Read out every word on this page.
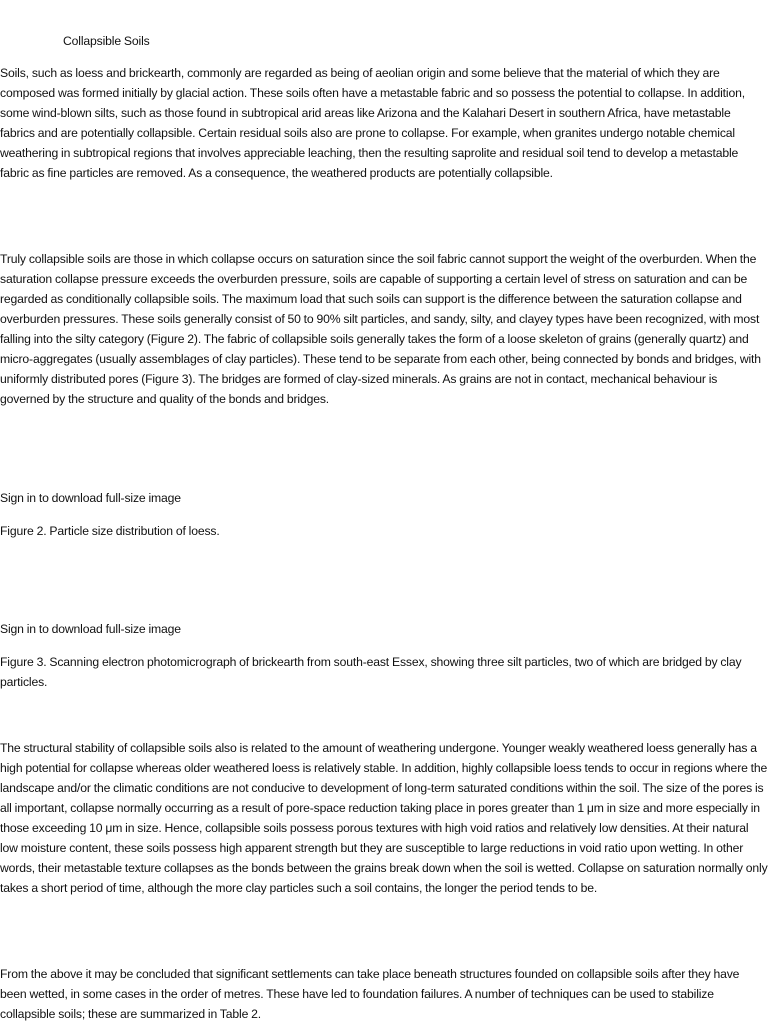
Collapsible Soils

Soils, such as loess and brickearth, commonly are regarded as being of aeolian origin and some believe that the material of which they are composed was formed initially by glacial action. These soils often have a metastable fabric and so possess the potential to collapse. In addition, some wind-blown silts, such as those found in subtropical arid areas like Arizona and the Kalahari Desert in southern Africa, have metastable fabrics and are potentially collapsible. Certain residual soils also are prone to collapse. For example, when granites undergo notable chemical weathering in subtropical regions that involves appreciable leaching, then the resulting saprolite and residual soil tend to develop a metastable fabric as fine particles are removed. As a consequence, the weathered products are potentially collapsible.

Truly collapsible soils are those in which collapse occurs on saturation since the soil fabric cannot support the weight of the overburden. When the saturation collapse pressure exceeds the overburden pressure, soils are capable of supporting a certain level of stress on saturation and can be regarded as conditionally collapsible soils. The maximum load that such soils can support is the difference between the saturation collapse and overburden pressures. These soils generally consist of 50 to 90% silt particles, and sandy, silty, and clayey types have been recognized, with most falling into the silty category (Figure 2). The fabric of collapsible soils generally takes the form of a loose skeleton of grains (generally quartz) and micro-aggregates (usually assemblages of clay particles). These tend to be separate from each other, being connected by bonds and bridges, with uniformly distributed pores (Figure 3). The bridges are formed of clay-sized minerals. As grains are not in contact, mechanical behaviour is governed by the structure and quality of the bonds and bridges.

Sign in to download full-size image
Figure 2. Particle size distribution of loess.
Sign in to download full-size image

Figure 3. Scanning electron photomicrograph of brickearth from south-east Essex, showing three silt particles, two of which are bridged by clay particles.

The structural stability of collapsible soils also is related to the amount of weathering undergone. Younger weakly weathered loess generally has a high potential for collapse whereas older weathered loess is relatively stable. In addition, highly collapsible loess tends to occur in regions where the landscape and/or the climatic conditions are not conducive to development of long-term saturated conditions within the soil. The size of the pores is all important, collapse normally occurring as a result of pore-space reduction taking place in pores greater than 1 μm in size and more especially in those exceeding 10 μm in size. Hence, collapsible soils possess porous textures with high void ratios and relatively low densities. At their natural low moisture content, these soils possess high apparent strength but they are susceptible to large reductions in void ratio upon wetting. In other words, their metastable texture collapses as the bonds between the grains break down when the soil is wetted. Collapse on saturation normally only takes a short period of time, although the more clay particles such a soil contains, the longer the period tends to be.

From the above it may be concluded that significant settlements can take place beneath structures founded on collapsible soils after they have been wetted, in some cases in the order of metres. These have led to foundation failures. A number of techniques can be used to stabilize collapsible soils; these are summarized in Table 2.
